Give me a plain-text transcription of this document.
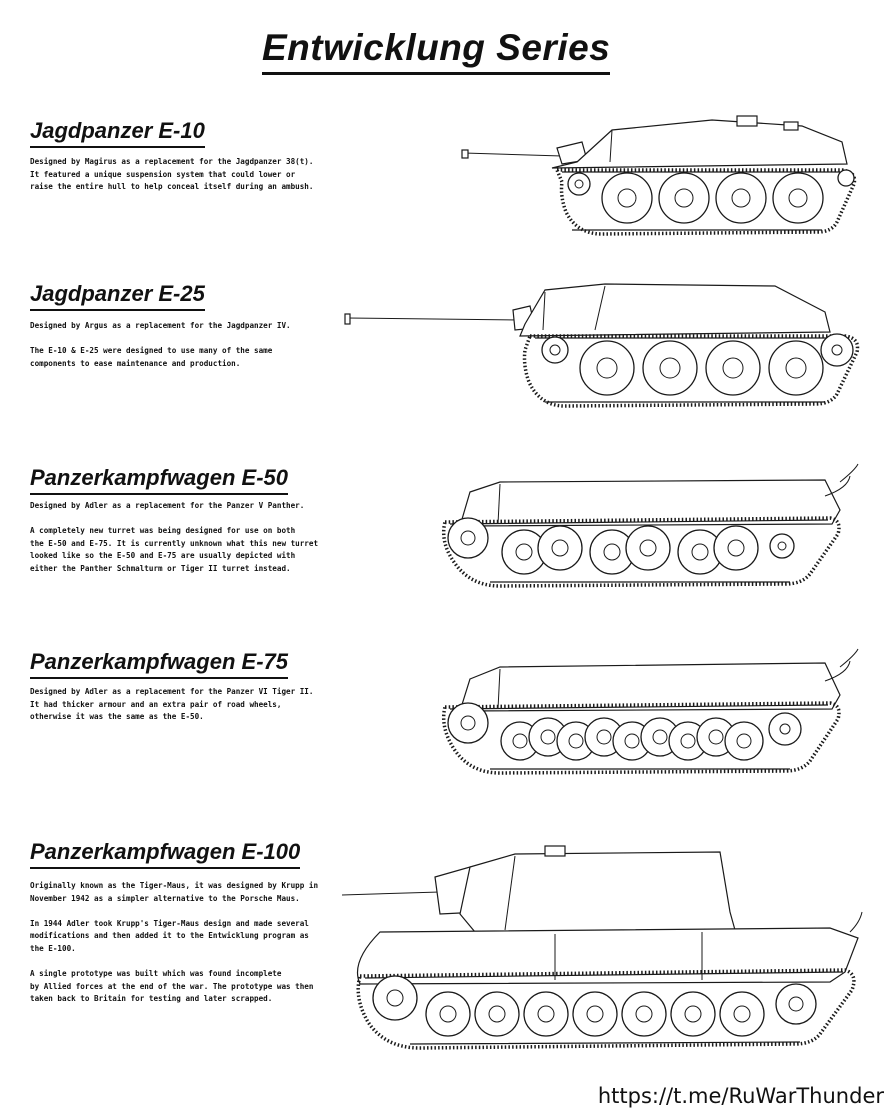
Entwicklung Series
Jagdpanzer E-10

Designed by Magirus as a replacement for the Jagdpanzer 38(t).
It featured a unique suspension system that could lower or
raise the entire hull to help conceal itself during an ambush.

Jagdpanzer E-25

Designed by Argus as a replacement for the Jagdpanzer IV.

The E-10 & E-25 were designed to use many of the same
components to ease maintenance and production.

Panzerkampfwagen E-50

Designed by Adler as a replacement for the Panzer V Panther.

A completely new turret was being designed for use on both
the E-50 and E-75. It is currently unknown what this new turret
looked like so the E-50 and E-75 are usually depicted with
either the Panther Schmalturm or Tiger II turret instead.

Panzerkampfwagen E-75

Designed by Adler as a replacement for the Panzer VI Tiger II.
It had thicker armour and an extra pair of road wheels,
otherwise it was the same as the E-50.

Panzerkampfwagen E-100

Originally known as the Tiger-Maus, it was designed by Krupp in
November 1942 as a simpler alternative to the Porsche Maus.

In 1944 Adler took Krupp's Tiger-Maus design and made several
modifications and then added it to the Entwicklung program as
the E-100.

A single prototype was built which was found incomplete
by Allied forces at the end of the war. The prototype was then
taken back to Britain for testing and later scrapped.

https://t.me/RuWarThunder
